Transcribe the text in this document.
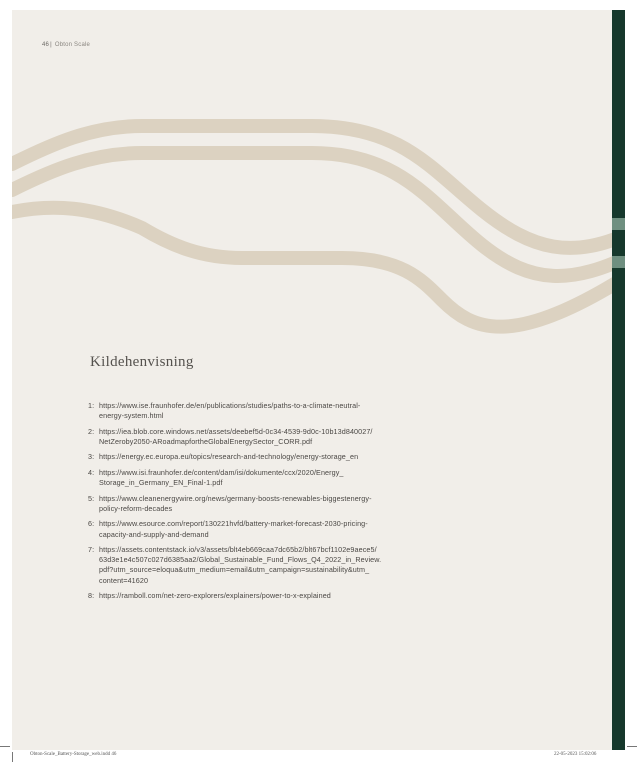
46| Obton Scale
Kildehenvisning
1: https://www.ise.fraunhofer.de/en/publications/studies/paths-to-a-climate-neutral-
energy-system.html
2: https://iea.blob.core.windows.net/assets/deebef5d-0c34-4539-9d0c-10b13d840027/
NetZeroby2050-ARoadmapfortheGlobalEnergySector_CORR.pdf
3: https://energy.ec.europa.eu/topics/research-and-technology/energy-storage_en
4: https://www.isi.fraunhofer.de/content/dam/isi/dokumente/ccx/2020/Energy_
Storage_in_Germany_EN_Final-1.pdf
5: https://www.cleanenergywire.org/news/germany-boosts-renewables-biggestenergy-
policy-reform-decades
6: https://www.esource.com/report/130221hvfd/battery-market-forecast-2030-pricing-
capacity-and-supply-and-demand
7: https://assets.contentstack.io/v3/assets/blt4eb669caa7dc65b2/blt67bcf1102e9aece5/
63d3e1e4c507c027d6385aa2/Global_Sustainable_Fund_Flows_Q4_2022_in_Review.
pdf?utm_source=eloqua&utm_medium=email&utm_campaign=sustainability&utm_
content=41620
8: https://ramboll.com/net-zero-explorers/explainers/power-to-x-explained
Obton-Scale_Battery-Storage_web.indd 46	22-05-2023 15:02:06
